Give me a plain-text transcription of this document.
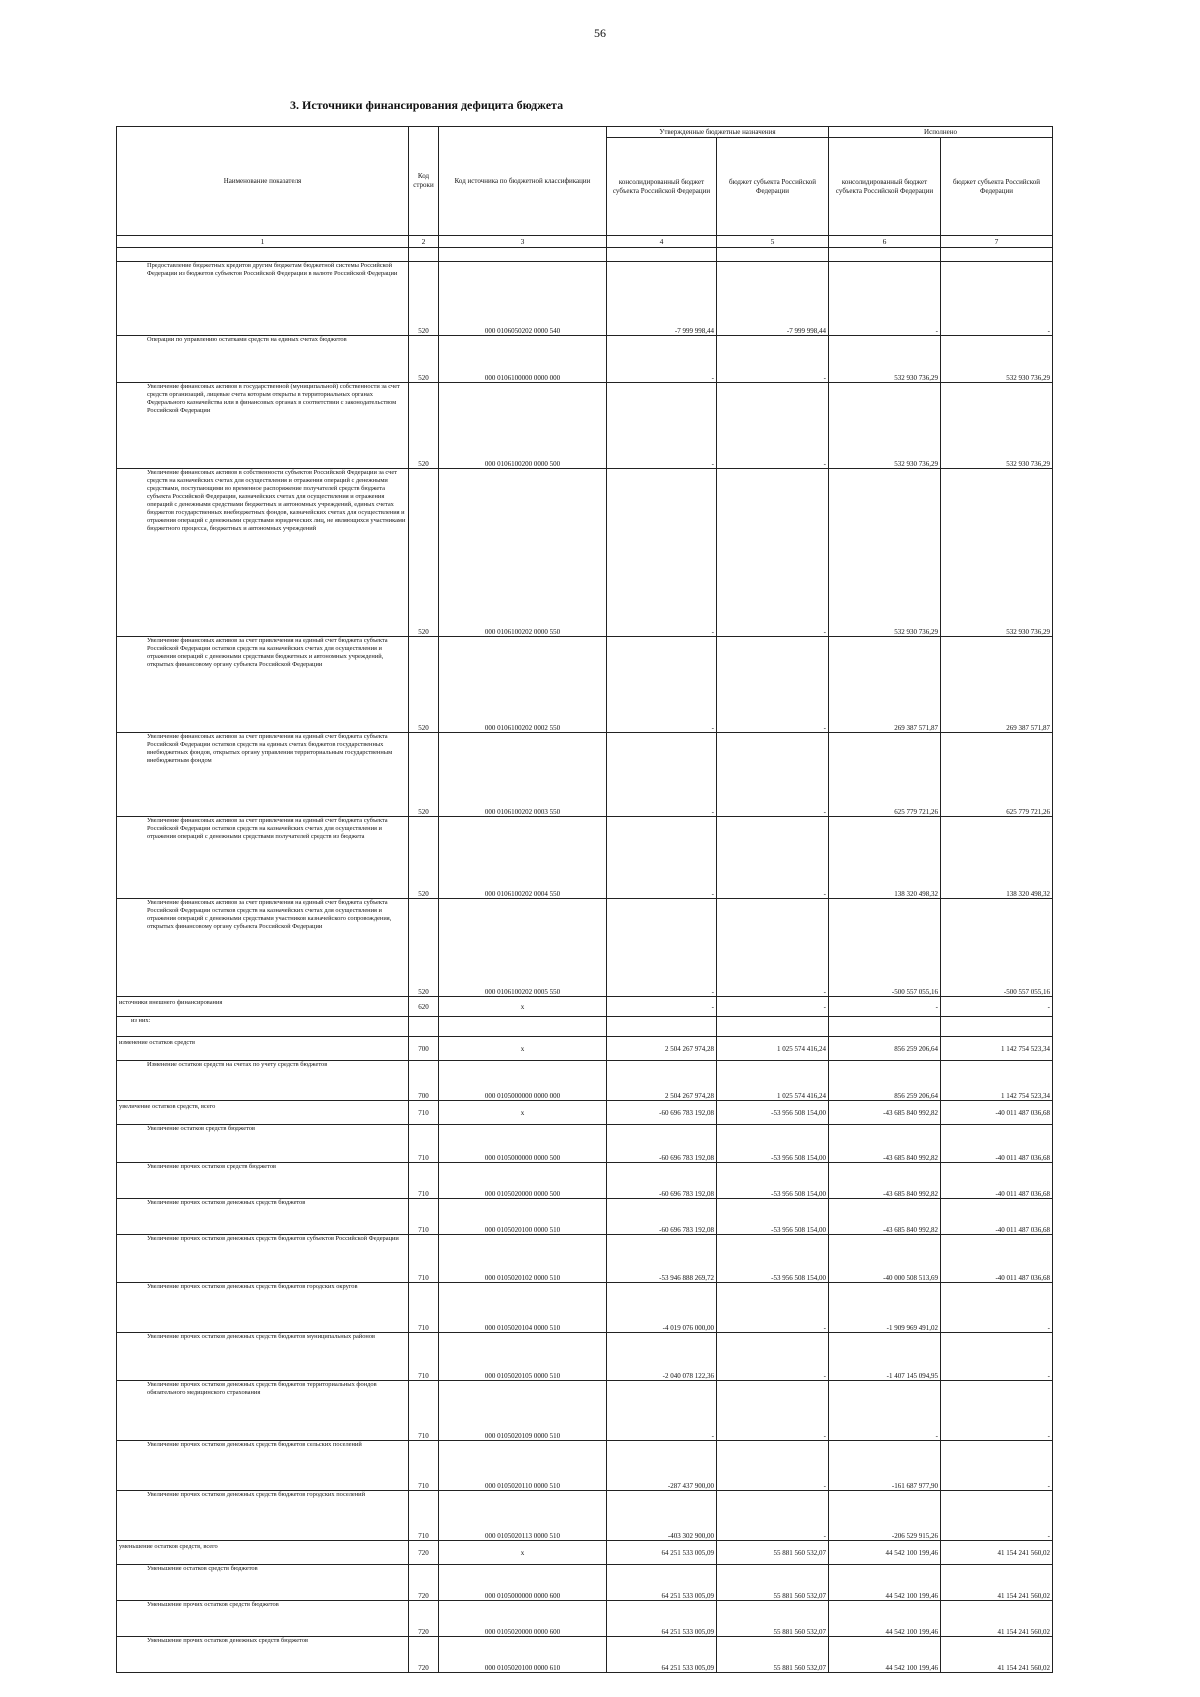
56
3. Источники финансирования дефицита бюджета
Наименование показателя	Код строки	Код источника по бюджетной классификации	Утвержденные бюджетные назначения		Исполнено	
			консолидированный бюджет субъекта Российской Федерации	бюджет субъекта Российской Федерации	консолидированный бюджет субъекта Российской Федерации	бюджет субъекта Российской Федерации
1	2	3	4	5	6	7

Предоставление бюджетных кредитов другим бюджетам бюджетной системы Российской Федерации из бюджетов субъектов Российской Федерации в валюте Российской Федерации	520	000 0106050202 0000 540	-7 999 998,44	-7 999 998,44	-	-
Операции по управлению остатками средств на единых счетах бюджетов	520	000 0106100000 0000 000	-	-	532 930 736,29	532 930 736,29
Увеличение финансовых активов в государственной (муниципальной) собственности за счет средств организаций, лицевые счета которым открыты в территориальных органах Федерального казначейства или в финансовых органах в соответствии с законодательством Российской Федерации	520	000 0106100200 0000 500	-	-	532 930 736,29	532 930 736,29
Увеличение финансовых активов в собственности субъектов Российской Федерации за счет средств на казначейских счетах для осуществления и отражения операций с денежными средствами, поступающими во временное распоряжение получателей средств бюджета субъекта Российской Федерации, казначейских счетах для осуществления и отражения операций с денежными средствами бюджетных и автономных учреждений, единых счетах бюджетов государственных внебюджетных фондов, казначейских счетах для осуществления и отражения операций с денежными средствами юридических лиц, не являющихся участниками бюджетного процесса, бюджетных и автономных учреждений	520	000 0106100202 0000 550	-	-	532 930 736,29	532 930 736,29
Увеличение финансовых активов за счет привлечения на единый счет бюджета субъекта Российской Федерации остатков средств на казначейских счетах для осуществления и отражения операций с денежными средствами бюджетных и автономных учреждений, открытых финансовому органу субъекта Российской Федерации	520	000 0106100202 0002 550	-	-	269 387 571,87	269 387 571,87
Увеличение финансовых активов за счет привлечения на единый счет бюджета субъекта Российской Федерации остатков средств на единых счетах бюджетов государственных внебюджетных фондов, открытых органу управления территориальным государственным внебюджетным фондом	520	000 0106100202 0003 550	-	-	625 779 721,26	625 779 721,26
Увеличение финансовых активов за счет привлечения на единый счет бюджета субъекта Российской Федерации остатков средств на казначейских счетах для осуществления и отражения операций с денежными средствами получателей средств из бюджета	520	000 0106100202 0004 550	-	-	138 320 498,32	138 320 498,32
Увеличение финансовых активов за счет привлечения на единый счет бюджета субъекта Российской Федерации остатков средств на казначейских счетах для осуществления и отражения операций с денежными средствами участников казначейского сопровождения, открытых финансовому органу субъекта Российской Федерации	520	000 0106100202 0005 550	-	-	-500 557 055,16	-500 557 055,16
источники внешнего финансирования	620	x	-	-	-	-
из них:						
изменение остатков средств	700	x	2 504 267 974,28	1 025 574 416,24	856 259 206,64	1 142 754 523,34
Изменение остатков средств на счетах по учету средств бюджетов	700	000 0105000000 0000 000	2 504 267 974,28	1 025 574 416,24	856 259 206,64	1 142 754 523,34
увеличение остатков средств, всего	710	x	-60 696 783 192,08	-53 956 508 154,00	-43 685 840 992,82	-40 011 487 036,68
Увеличение остатков средств бюджетов	710	000 0105000000 0000 500	-60 696 783 192,08	-53 956 508 154,00	-43 685 840 992,82	-40 011 487 036,68
Увеличение прочих остатков средств бюджетов	710	000 0105020000 0000 500	-60 696 783 192,08	-53 956 508 154,00	-43 685 840 992,82	-40 011 487 036,68
Увеличение прочих остатков денежных средств бюджетов	710	000 0105020100 0000 510	-60 696 783 192,08	-53 956 508 154,00	-43 685 840 992,82	-40 011 487 036,68
Увеличение прочих остатков денежных средств бюджетов субъектов Российской Федерации	710	000 0105020102 0000 510	-53 946 888 269,72	-53 956 508 154,00	-40 000 508 513,69	-40 011 487 036,68
Увеличение прочих остатков денежных средств бюджетов городских округов	710	000 0105020104 0000 510	-4 019 076 000,00	-	-1 909 969 491,02	-
Увеличение прочих остатков денежных средств бюджетов муниципальных районов	710	000 0105020105 0000 510	-2 040 078 122,36	-	-1 407 145 094,95	-
Увеличение прочих остатков денежных средств бюджетов территориальных фондов обязательного медицинского страхования	710	000 0105020109 0000 510	-	-	-	-
Увеличение прочих остатков денежных средств бюджетов сельских поселений	710	000 0105020110 0000 510	-287 437 900,00	-	-161 687 977,90	-
Увеличение прочих остатков денежных средств бюджетов городских поселений	710	000 0105020113 0000 510	-403 302 900,00	-	-206 529 915,26	-
уменьшение остатков средств, всего	720	x	64 251 533 005,09	55 881 560 532,07	44 542 100 199,46	41 154 241 560,02
Уменьшение остатков средств бюджетов	720	000 0105000000 0000 600	64 251 533 005,09	55 881 560 532,07	44 542 100 199,46	41 154 241 560,02
Уменьшение прочих остатков средств бюджетов	720	000 0105020000 0000 600	64 251 533 005,09	55 881 560 532,07	44 542 100 199,46	41 154 241 560,02
Уменьшение прочих остатков денежных средств бюджетов	720	000 0105020100 0000 610	64 251 533 005,09	55 881 560 532,07	44 542 100 199,46	41 154 241 560,02
